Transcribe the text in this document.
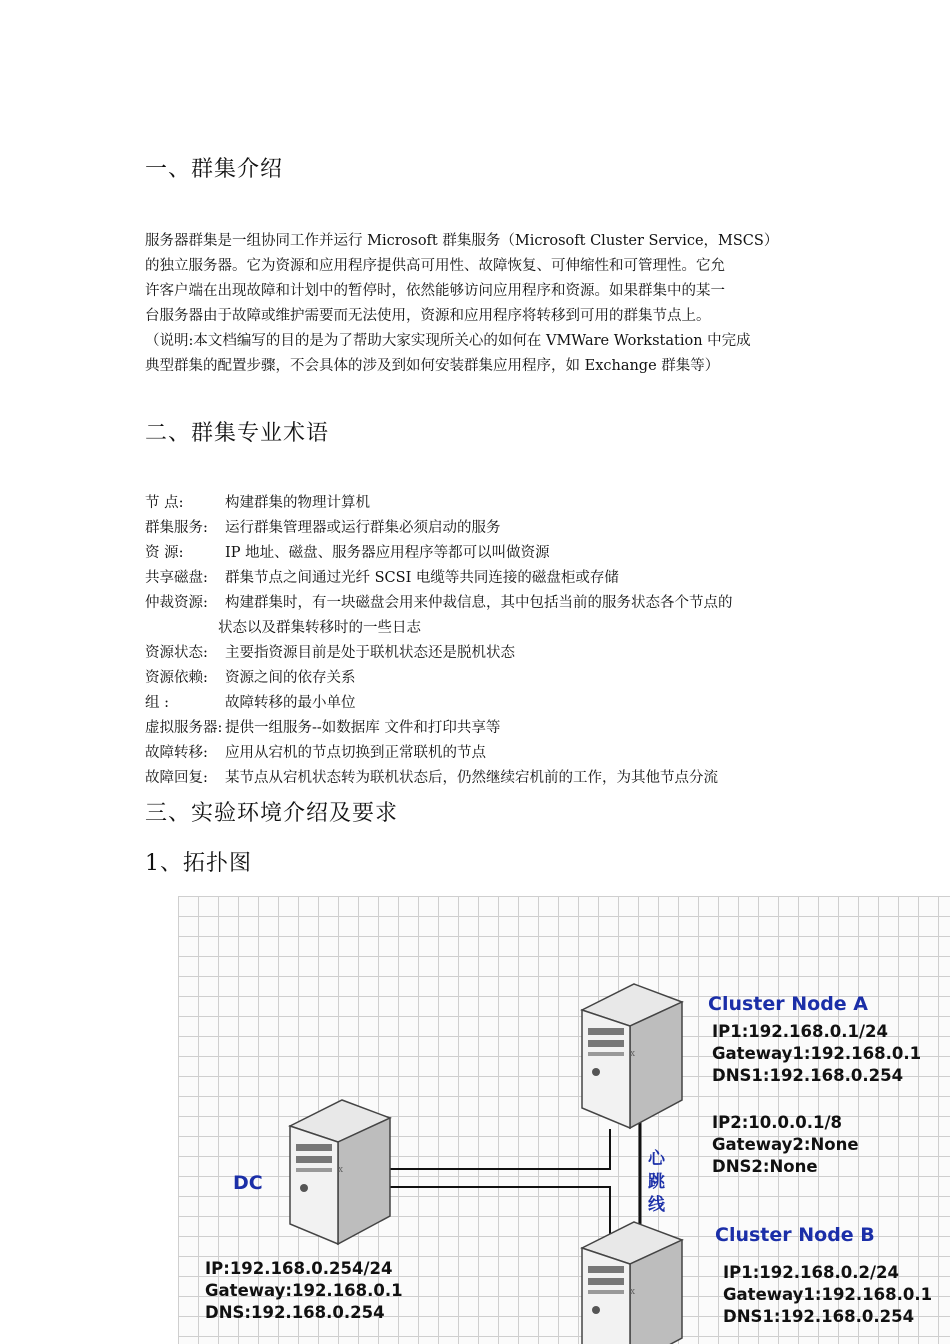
一、群集介绍
服务器群集是一组协同工作并运行 Microsoft 群集服务（Microsoft Cluster Service，MSCS）
的独立服务器。它为资源和应用程序提供高可用性、故障恢复、可伸缩性和可管理性。它允
许客户端在出现故障和计划中的暂停时，依然能够访问应用程序和资源。如果群集中的某一
台服务器由于故障或维护需要而无法使用，资源和应用程序将转移到可用的群集节点上。
（说明:本文档编写的目的是为了帮助大家实现所关心的如何在 VMWare Workstation 中完成
典型群集的配置步骤，不会具体的涉及到如何安装群集应用程序，如 Exchange 群集等）
二、群集专业术语
节 点:	构建群集的物理计算机
群集服务: 运行群集管理器或运行群集必须启动的服务
资 源:	IP 地址、磁盘、服务器应用程序等都可以叫做资源
共享磁盘: 群集节点之间通过光纤 SCSI 电缆等共同连接的磁盘柜或存储
仲裁资源: 构建群集时，有一块磁盘会用来仲裁信息，其中包括当前的服务状态各个节点的
状态以及群集转移时的一些日志
资源状态: 主要指资源目前是处于联机状态还是脱机状态
资源依赖: 资源之间的依存关系
组 :	故障转移的最小单位
虚拟服务器: 提供一组服务--如数据库 文件和打印共享等
故障转移: 应用从宕机的节点切换到正常联机的节点
故障回复: 某节点从宕机状态转为联机状态后，仍然继续宕机前的工作，为其他节点分流
三、实验环境介绍及要求
1、拓扑图
x
x
x
Cluster Node A
IP1:192.168.0.1/24
Gateway1:192.168.0.1
DNS1:192.168.0.254
IP2:10.0.0.1/8
Gateway2:None
DNS2:None
心
跳
线
DC
IP:192.168.0.254/24
Gateway:192.168.0.1
DNS:192.168.0.254
Cluster Node B
IP1:192.168.0.2/24
Gateway1:192.168.0.1
DNS1:192.168.0.254
